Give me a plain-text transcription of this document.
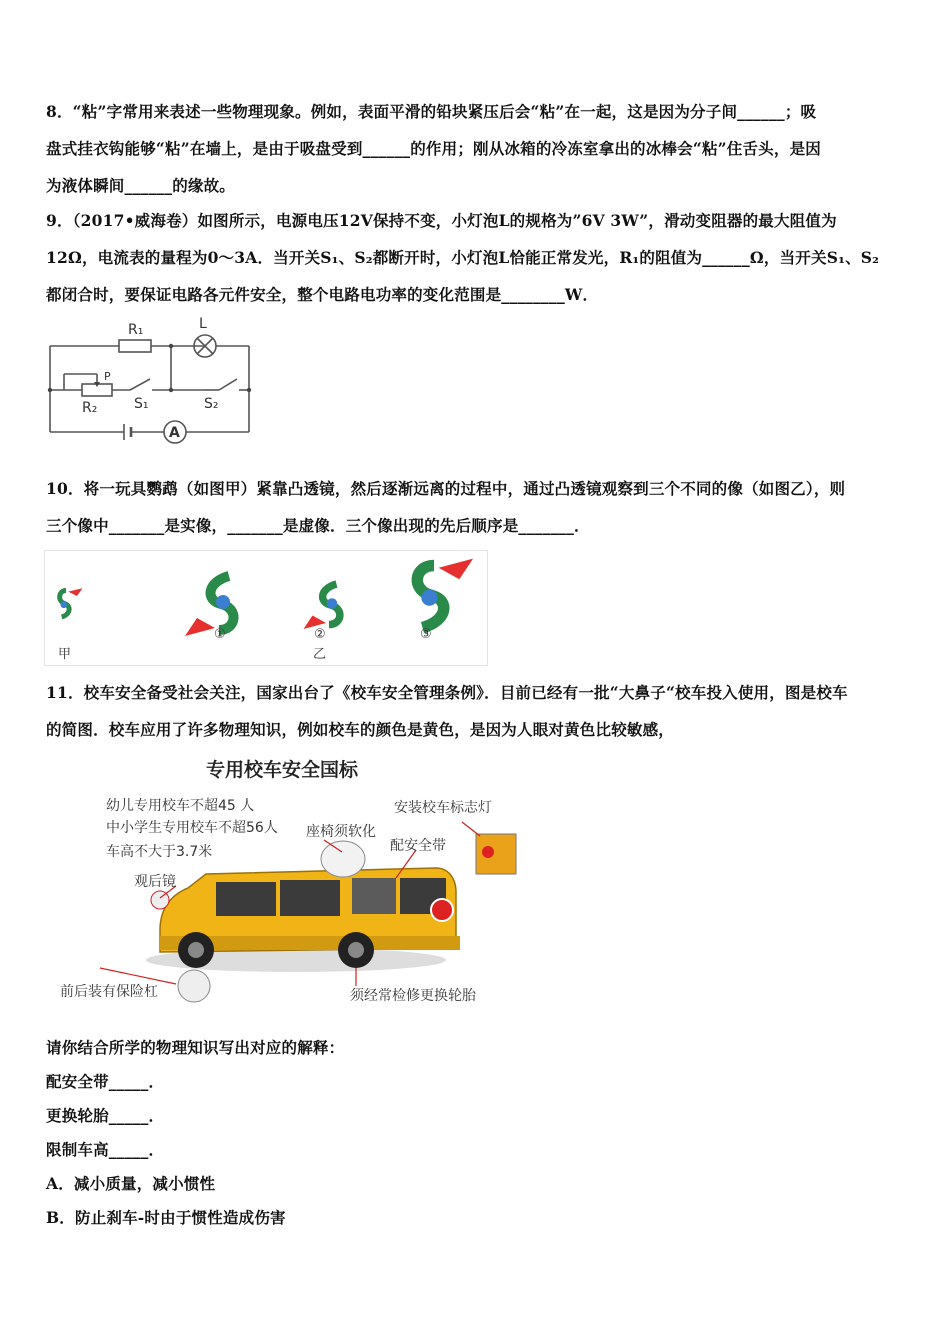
8．“粘”字常用来表述一些物理现象。例如，表面平滑的铅块紧压后会“粘”在一起，这是因为分子间______；吸
盘式挂衣钩能够“粘”在墙上，是由于吸盘受到______的作用；刚从冰箱的冷冻室拿出的冰棒会“粘”住舌头，是因
为液体瞬间______的缘故。
9．（2017•威海卷）如图所示，电源电压12V保持不变，小灯泡L的规格为”6V 3W”，滑动变阻器的最大阻值为
12Ω，电流表的量程为0～3A．当开关S₁、S₂都断开时，小灯泡L恰能正常发光，R₁的阻值为______Ω，当开关S₁、S₂
都闭合时，要保证电路各元件安全，整个电路电功率的变化范围是________W．
R₁	L
P
R₂	S₁	S₂
A
10．将一玩具鹦鹉（如图甲）紧靠凸透镜，然后逐渐远离的过程中，通过凸透镜观察到三个不同的像（如图乙），则
三个像中_______是实像，_______是虚像．三个像出现的先后顺序是_______．
甲	乙
①	②	③
11．校车安全备受社会关注，国家出台了《校车安全管理条例》．目前已经有一批“大鼻子“校车投入使用，图是校车
的简图．校车应用了许多物理知识，例如校车的颜色是黄色，是因为人眼对黄色比较敏感，
专用校车安全国标
幼儿专用校车不超45 人
中小学生专用校车不超56人
车高不大于3.7米
观后镜
座椅须软化
配安全带
安装校车标志灯
前后装有保险杠	须经常检修更换轮胎
请你结合所学的物理知识写出对应的解释：
配安全带_____．
更换轮胎_____．
限制车高_____．
A．减小质量，减小惯性
B．防止刹车-时由于惯性造成伤害
